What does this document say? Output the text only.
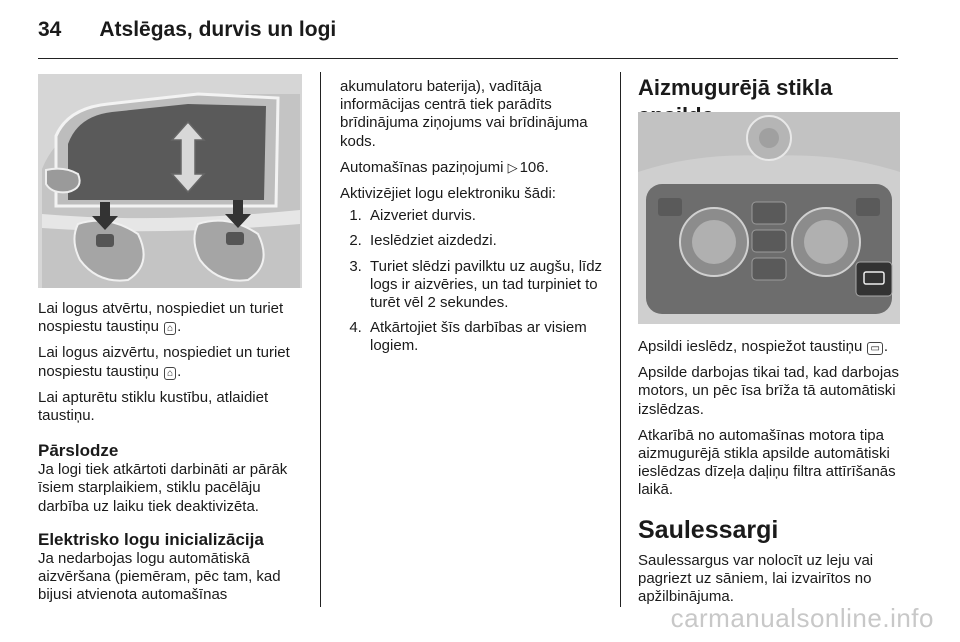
34 Atslēgas, durvis un logi

Lai logus atvērtu, nospiediet un turiet nospiestu taustiņu ⌂ .

Lai logus aizvērtu, nospiediet un turiet nospiestu taustiņu ⌂ .

Lai apturētu stiklu kustību, atlaidiet taustiņu.

Pārslodze

Ja logi tiek atkārtoti darbināti ar pārāk īsiem starplaikiem, stiklu pacēlāju darbība uz laiku tiek deaktivizēta.

Elektrisko logu inicializācija

Ja nedarbojas logu automātiskā aizvēršana (piemēram, pēc tam, kad bijusi atvienota automašīnas

akumulatoru baterija), vadītāja informācijas centrā tiek parādīts brīdinājuma ziņojums vai brīdinājuma kods.

Automašīnas paziņojumi ▷ 106.

Aktivizējiet logu elektroniku šādi:

1. Aizveriet durvis.
2. Ieslēdziet aizdedzi.
3. Turiet slēdzi pavilktu uz augšu, līdz logs ir aizvēries, un tad turpiniet to turēt vēl 2 sekundes.
4. Atkārtojiet šīs darbības ar visiem logiem.
Aizmugurējā stikla

Apsildi ieslēdz, nospiežot taustiņu ▭ .

Apsilde darbojas tikai tad, kad darbojas motors, un pēc īsa brīža tā automātiski izslēdzas.

Atkarībā no automašīnas motora tipa aizmugurējā stikla apsilde automātiski ieslēdzas dīzeļa daļiņu filtra attīrīšanās laikā.

Saulessargi

Saulessargus var nolocīt uz leju vai pagriezt uz sāniem, lai izvairītos no apžilbinājuma.

carmanualsonline.info
